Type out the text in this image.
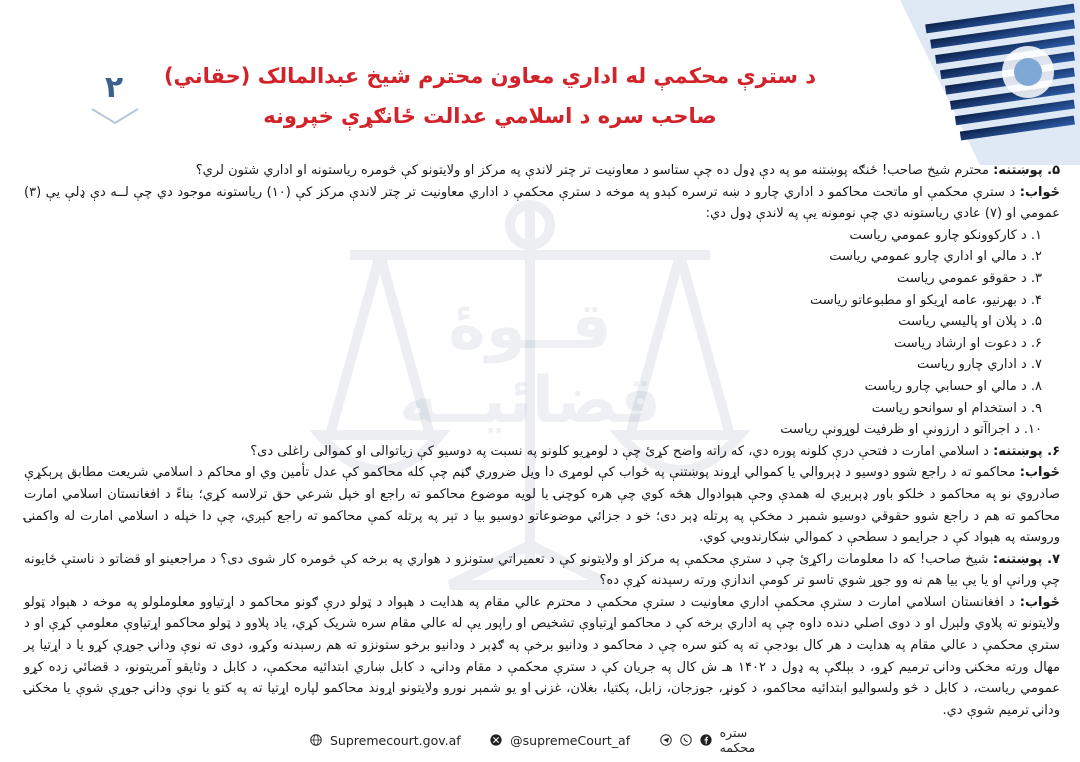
قــوهٔ قضائيــه
۲	د سترې محکمې له اداري معاون محترم شيخ عبدالمالک (حقاني)
صاحب سره د اسلامي عدالت ځانګړې خپرونه

۵. پوښتنه: محترم شيخ صاحب! ځنګه پوښتنه مو په دې ډول ده چې ستاسو د معاونيت تر چتر لاندې په مرکز او ولايتونو کې څومره رياستونه او اداري شتون لري؟

ځواب: د سترې محکمې او ماتحت محاکمو د اداري چارو د ښه ترسره کېدو په موخه د سترې محکمې د اداري معاونيت تر چتر لاندې مرکز کې (۱۰) رياستونه موجود دي چې لــه دې ډلې يې (۳) عمومي او (۷) عادي رياستونه دي چې نومونه يې په لاندې ډول دي:

۱. د کارکوونکو چارو عمومي رياست
۲. د مالي او اداري چارو عمومي رياست
۳. د حقوقو عمومي رياست
۴. د بهرنيو، عامه اړيکو او مطبوعاتو رياست
۵. د پلان او پاليسي رياست
۶. د دعوت او ارشاد رياست
۷. د اداري چارو رياست
۸. د مالي او حسابي چارو رياست
۹. د استخدام او سوانحو رياست
۱۰. د اجراآتو د ارزونې او ظرفيت لوړونې رياست

۶. پوښتنه: د اسلامي امارت د فتحې درې کلونه پوره دي، که راته واضح کړئ چې د لومړيو کلونو په نسبت په دوسيو کې زياتوالی او کموالی راغلی دی؟

ځواب: محاکمو ته د راجع شوو دوسيو د ډېروالي يا کموالي اړوند پوښتنې په ځواب کې لومړی دا ويل ضروري ګڼم چې کله محاکمو کې عدل تأمين وي او محاکم د اسلامي شريعت مطابق پرېکړې صادروي نو په محاکمو د خلکو باور ډېرېږي له همدې وجې هېوادوال هڅه کوي چې هره کوچنۍ يا لويه موضوع محاکمو ته راجع او خپل شرعي حق ترلاسه کړي؛ بناءً د افغانستان اسلامي امارت محاکمو ته هم د راجع شوو حقوقي دوسيو شمېر د مخکې په پرتله ډېر دی؛ خو د جزائي موضوعاتو دوسيو بيا د تېر په پرتله کمې محاکمو ته راجع کېږي، چې دا خپله د اسلامي امارت له واکمنۍ وروسته په هېواد کې د جرايمو د سطحې د کموالي ښکارندويي کوي.

۷. پوښتنه: شيخ صاحب! که دا معلومات راکړئ چې د سترې محکمې په مرکز او ولايتونو کې د تعميراتي ستونزو د هواري په برخه کې څومره کار شوی دی؟ د مراجعينو او قضاتو د ناستې ځايونه چې ورانې او يا يې بيا هم نه وو جوړ شوي تاسو تر کومې اندازې ورته رسېدنه کړې ده؟

ځواب: د افغانستان اسلامي امارت د سترې محکمې اداري معاونيت د سترې محکمې د محترم عالي مقام په هدايت د هېواد د ټولو درې ګونو محاکمو د اړتياوو معلوملولو په موخه د هېواد ټولو ولايتونو ته پلاوي ولېږل او د دوی اصلي دنده داوه چې په اداري برخه کې د محاکمو اړتياوې تشخيص او راپور يې له عالي مقام سره شريک کړي، ياد پلاوو د ټولو محاکمو اړتياوې معلومې کړې او د سترې محکمې د عالي مقام په هدايت د هر کال بودجې ته په کتو سره چې د محاکمو د ودانيو برخې په ګډېر د ودانيو برخو ستونزو ته هم رسېدنه وکړو، دوی ته نوې ودانۍ جوړې کړو يا د اړتيا پر مهال ورته مخکنۍ ودانۍ ترميم کړو، د بېلګې په ډول د ۱۴۰۲ هـ ش کال په جريان کې د سترې محکمې د مقام ودانۍ، د کابل ښاري ابتدائيه محکمې، د کابل د وثايقو آمريتونو، د قضائي زده کړو عمومي رياست، د کابل د څو ولسواليو ابتدائيه محاکمو، د کونړ، جوزجان، زابل، پکتيا، بغلان، غزنۍ او يو شمېر نورو ولايتونو اړوند محاکمو لپاره اړتيا ته په کتو يا نوې ودانۍ جوړې شوې يا مخکنۍ ودانۍ ترميم شوې دي.

Supremecourt.gov.af	@supremeCourt_af	ستره محکمه
